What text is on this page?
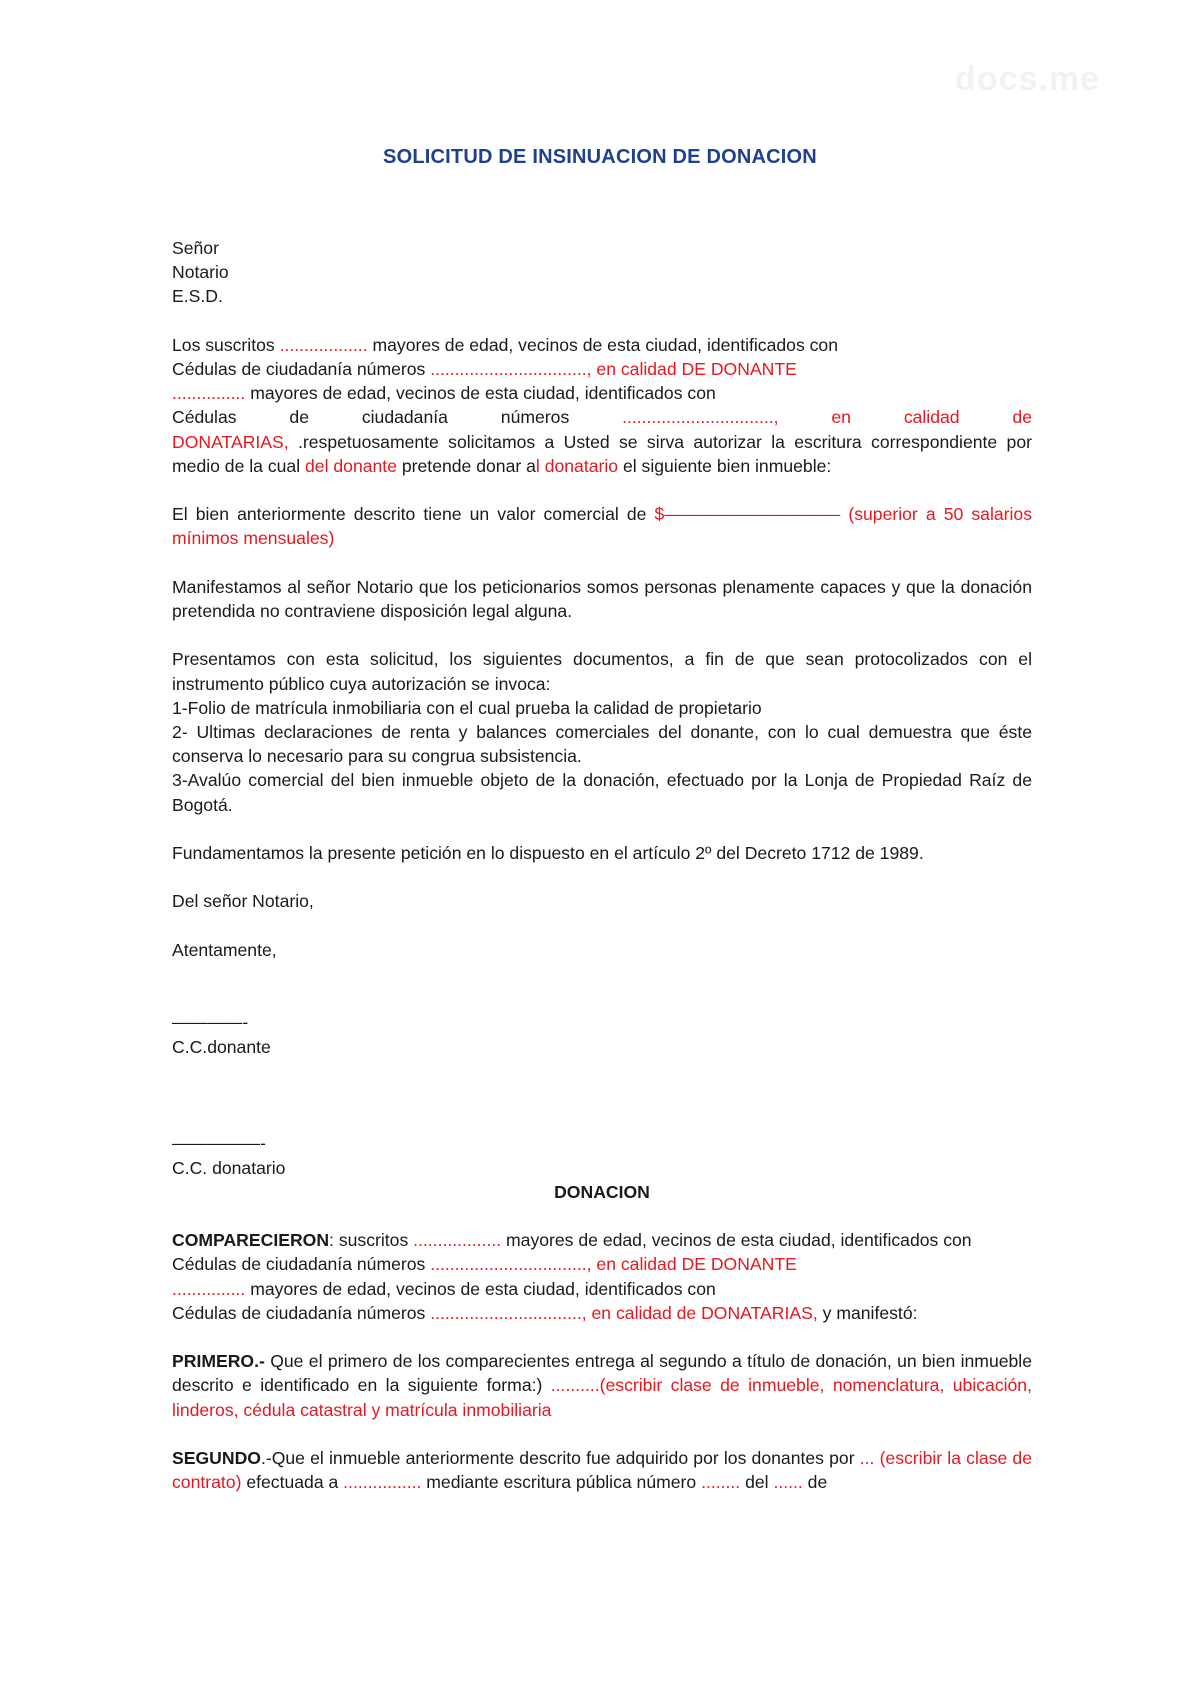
docs.me
SOLICITUD DE INSINUACION DE DONACION
Señor
Notario
E.S.D.
Los suscritos .................. mayores de edad, vecinos de esta ciudad, identificados con
Cédulas de ciudadanía números ................................, en calidad DE DONANTE
............... mayores de edad, vecinos de esta ciudad, identificados con
Cédulas de ciudadanía números ..............................., en calidad de
DONATARIAS, .respetuosamente solicitamos a Usted se sirva autorizar la escritura correspondiente por medio de la cual del donante pretende donar al donatario el siguiente bien inmueble:
El bien anteriormente descrito tiene un valor comercial de $—————————— (superior a 50 salarios mínimos mensuales)
Manifestamos al señor Notario que los peticionarios somos personas plenamente capaces y que la donación pretendida no contraviene disposición legal alguna.
Presentamos con esta solicitud, los siguientes documentos, a fin de que sean protocolizados con el instrumento público cuya autorización se invoca:
1-Folio de matrícula inmobiliaria con el cual prueba la calidad de propietario
2- Ultimas declaraciones de renta y balances comerciales del donante, con lo cual demuestra que éste conserva lo necesario para su congrua subsistencia.
3-Avalúo comercial del bien inmueble objeto de la donación, efectuado por la Lonja de Propiedad Raíz de Bogotá.
Fundamentamos la presente petición en lo dispuesto en el artículo 2º del Decreto 1712 de 1989.
Del señor Notario,
Atentamente,
————-
C.C.donante
—————-
C.C. donatario
DONACION
COMPARECIERON: suscritos .................. mayores de edad, vecinos de esta ciudad, identificados con
Cédulas de ciudadanía números ................................, en calidad DE DONANTE
............... mayores de edad, vecinos de esta ciudad, identificados con
Cédulas de ciudadanía números ..............................., en calidad de DONATARIAS, y manifestó:
PRIMERO.- Que el primero de los comparecientes entrega al segundo a título de donación, un bien inmueble descrito e identificado en la siguiente forma:) ..........(escribir clase de inmueble, nomenclatura, ubicación, linderos, cédula catastral y matrícula inmobiliaria
SEGUNDO.-Que el inmueble anteriormente descrito fue adquirido por los donantes por ... (escribir la clase de contrato) efectuada a ................ mediante escritura pública número ........ del ...... de
